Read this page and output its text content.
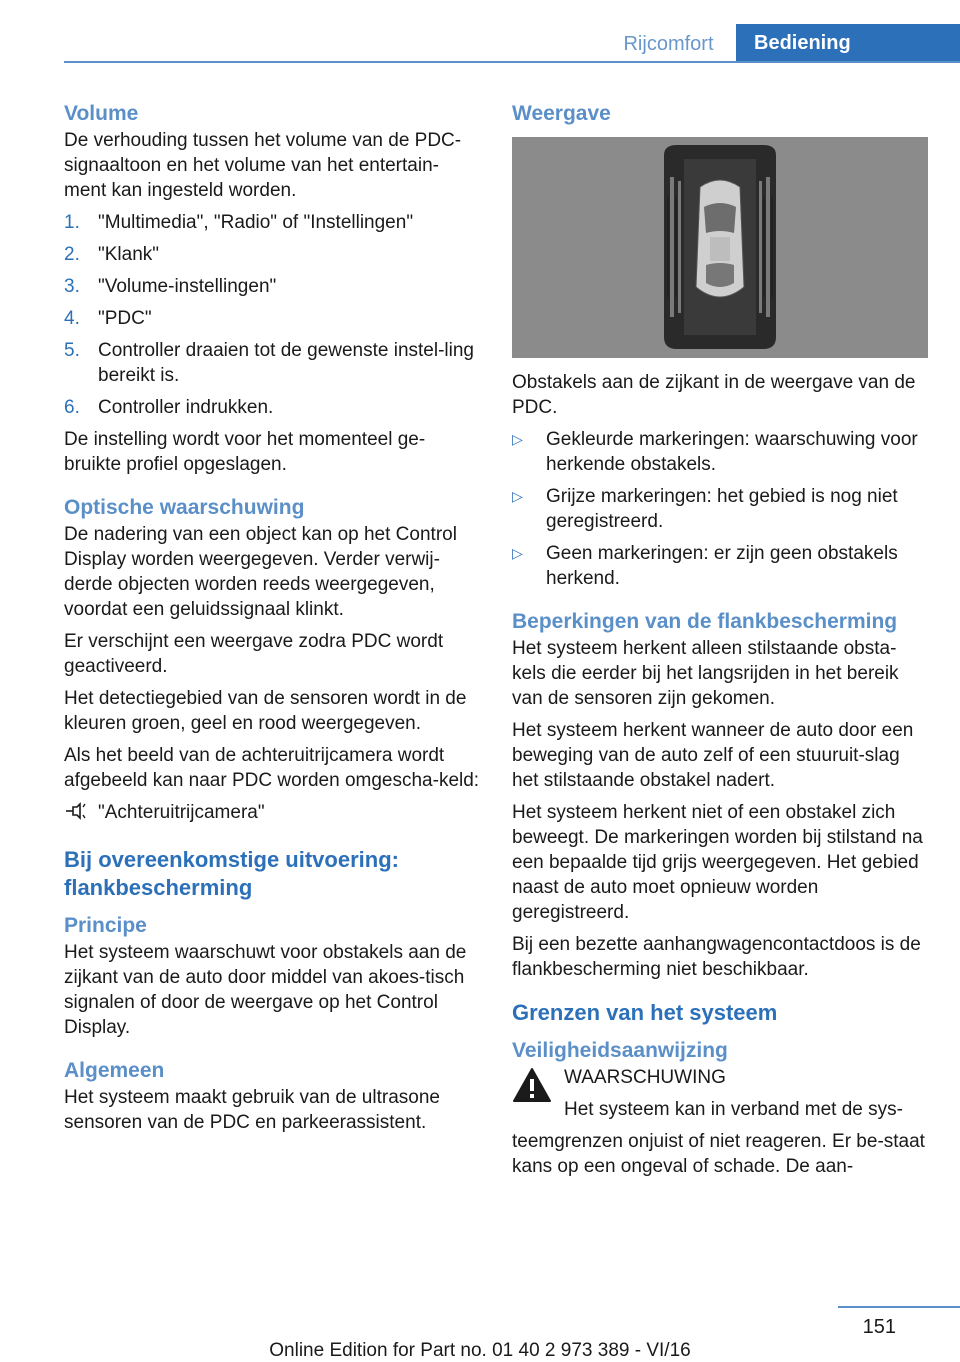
Rijcomfort	Bediening
Volume

De verhouding tussen het volume van de PDC-signaaltoon en het volume van het entertain-ment kan ingesteld worden.

1. "Multimedia", "Radio" of "Instellingen"
2. "Klank"
3. "Volume-instellingen"
4. "PDC"
5. Controller draaien tot de gewenste instel-ling bereikt is.
6. Controller indrukken.

De instelling wordt voor het momenteel ge-bruikte profiel opgeslagen.

Optische waarschuwing

De nadering van een object kan op het Control Display worden weergegeven. Verder verwij-derde objecten worden reeds weergegeven, voordat een geluidssignaal klinkt.

Er verschijnt een weergave zodra PDC wordt geactiveerd.

Het detectiegebied van de sensoren wordt in de kleuren groen, geel en rood weergegeven.

Als het beeld van de achteruitrijcamera wordt afgebeeld kan naar PDC worden omgescha-keld:

"Achteruitrijcamera"
Bij overeenkomstige uitvoering: flankbescherming
Principe

Het systeem waarschuwt voor obstakels aan de zijkant van de auto door middel van akoes-tisch signalen of door de weergave op het Control Display.

Algemeen

Het systeem maakt gebruik van de ultrasone sensoren van de PDC en parkeerassistent.

Weergave

Obstakels aan de zijkant in de weergave van de PDC.

▷	Gekleurde markeringen: waarschuwing voor herkende obstakels.
▷	Grijze markeringen: het gebied is nog niet geregistreerd.
▷	Geen markeringen: er zijn geen obstakels herkend.
Beperkingen van de flankbescherming

Het systeem herkent alleen stilstaande obsta-kels die eerder bij het langsrijden in het bereik van de sensoren zijn gekomen.

Het systeem herkent wanneer de auto door een beweging van de auto zelf of een stuuruit-slag het stilstaande obstakel nadert.

Het systeem herkent niet of een obstakel zich beweegt. De markeringen worden bij stilstand na een bepaalde tijd grijs weergegeven. Het gebied naast de auto moet opnieuw worden geregistreerd.

Bij een bezette aanhangwagencontactdoos is de flankbescherming niet beschikbaar.

Grenzen van het systeem
Veiligheidsaanwijzing

WAARSCHUWING

Het systeem kan in verband met de sys-

teemgrenzen onjuist of niet reageren. Er be-staat kans op een ongeval of schade. De aan-

151
Online Edition for Part no. 01 40 2 973 389 - VI/16
